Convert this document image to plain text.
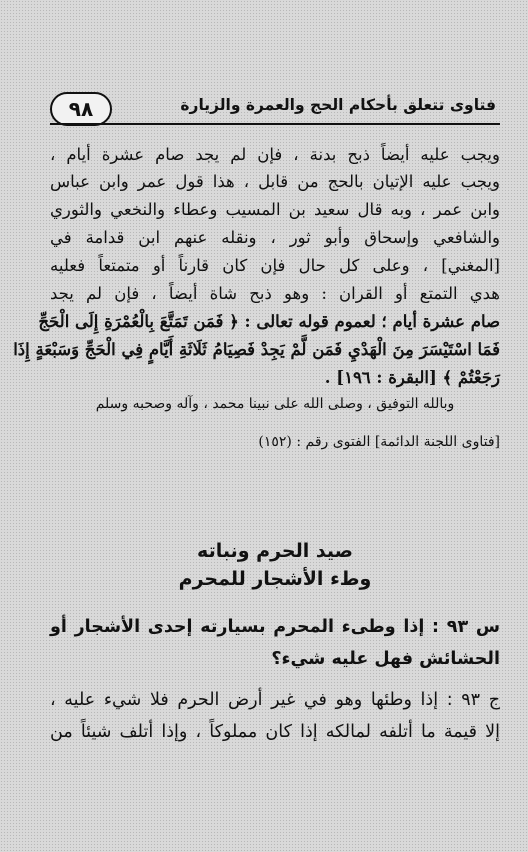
فتاوى تتعلق بأحكام الحج والعمرة والزيارة
٩٨
ويجب عليه أيضاً ذبح بدنة ، فإن لم يجد صام عشرة أيام ،
ويجب عليه الإتيان بالحج من قابل ، هذا قول عمر وابن عباس
وابن عمر ، وبه قال سعيد بن المسيب وعطاء والنخعي والثوري
والشافعي وإسحاق وأبو ثور ، ونقله عنهم ابن قدامة في
[المغني] ، وعلى كل حال فإن كان قارناً أو متمتعاً فعليه
هدي التمتع أو القران : وهو ذبح شاة أيضاً ، فإن لم يجد
صام عشرة أيام ؛ لعموم قوله تعالى : ﴿ فَمَن تَمَتَّعَ بِالْعُمْرَةِ إِلَى الْحَجِّ
فَمَا اسْتَيْسَرَ مِنَ الْهَدْيِ فَمَن لَّمْ يَجِدْ فَصِيَامُ ثَلَاثَةِ أَيَّامٍ فِي الْحَجِّ وَسَبْعَةٍ إِذَا
رَجَعْتُمْ ﴾ [البقرة : ١٩٦] .
وبالله التوفيق ، وصلى الله على نبينا محمد ، وآله وصحبه وسلم
[فتاوى اللجنة الدائمة] الفتوى رقم : (١٥٢)
صيد الحرم ونباته
وطء الأشجار للمحرم
س ٩٣ : إذا وطىء المحرم بسيارته إحدى الأشجار أو
الحشائش فهل عليه شيء؟
ج ٩٣ : إذا وطئها وهو في غير أرض الحرم فلا شيء عليه ،
إلا قيمة ما أتلفه لمالكه إذا كان مملوكاً ، وإذا أتلف شيئاً من
